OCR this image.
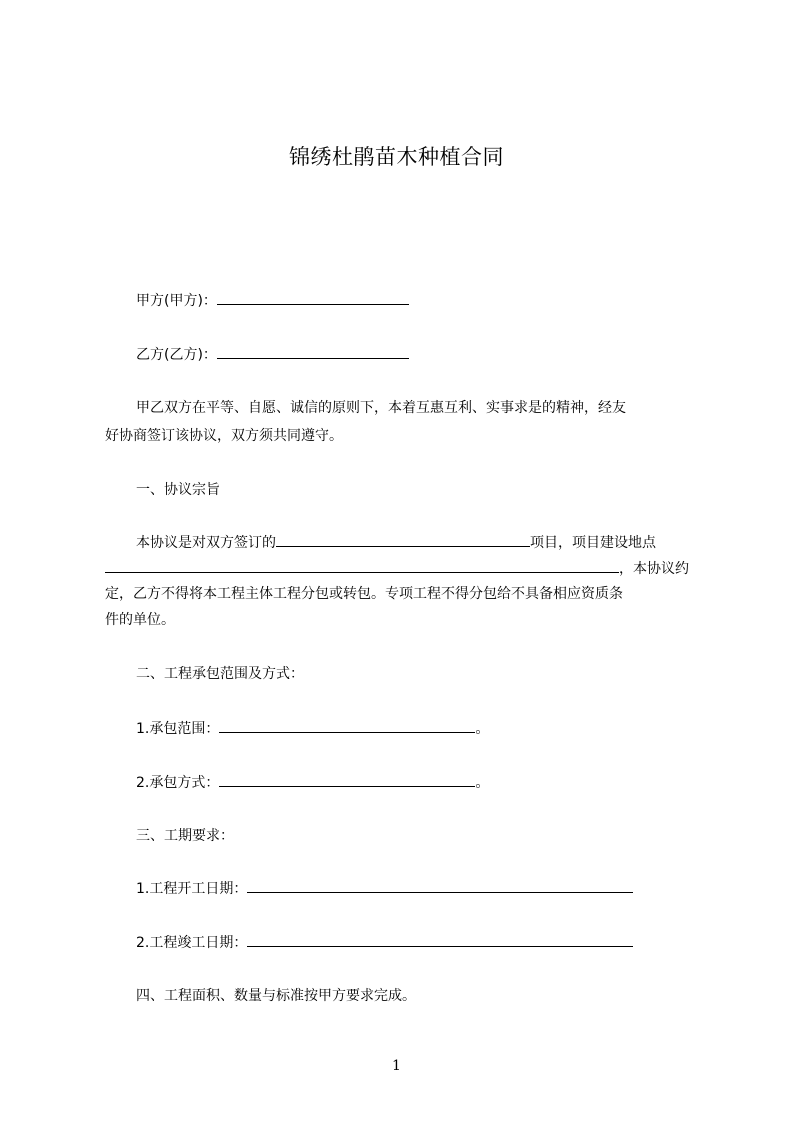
锦绣杜鹃苗木种植合同
甲方(甲方)：
乙方(乙方)：
甲乙双方在平等、自愿、诚信的原则下，本着互惠互利、实事求是的精神，经友
好协商签订该协议，双方须共同遵守。
一、协议宗旨
本协议是对双方签订的	项目，项目建设地点
，本协议约
定，乙方不得将本工程主体工程分包或转包。专项工程不得分包给不具备相应资质条
件的单位。
二、工程承包范围及方式：
1.承包范围：	。
2.承包方式：	。
三、工期要求：
1.工程开工日期：
2.工程竣工日期：
四、工程面积、数量与标准按甲方要求完成。
1
